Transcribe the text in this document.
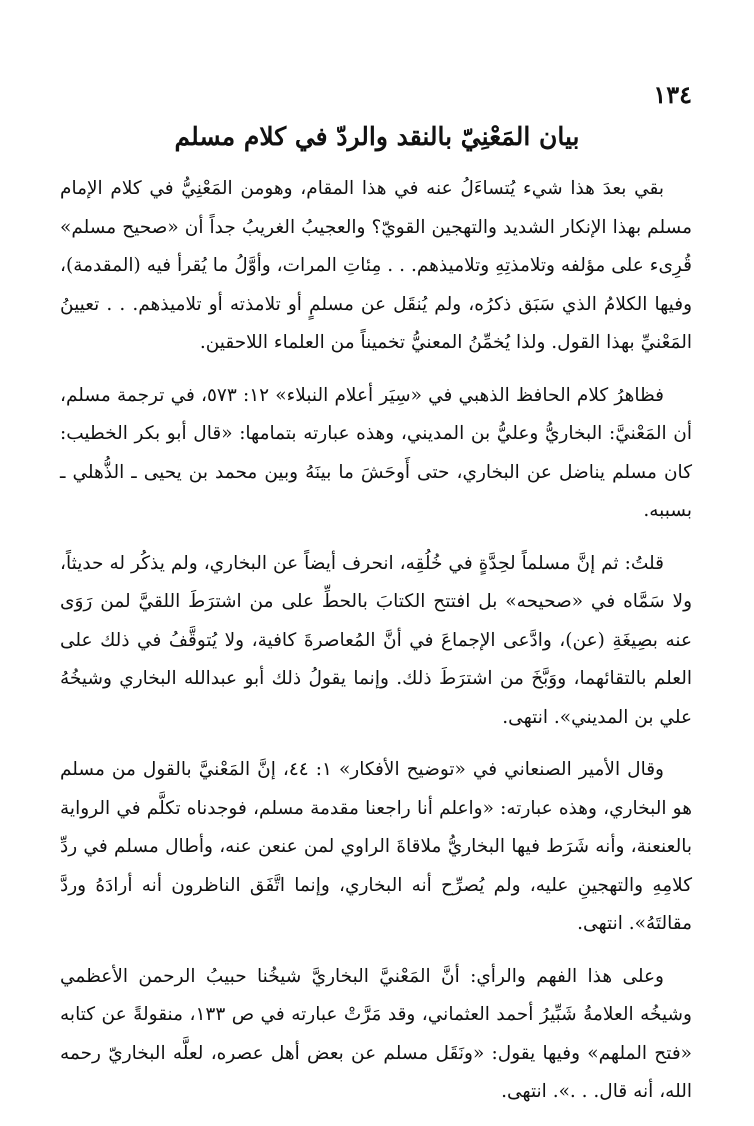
١٣٤
بيان المَعْنِيّ بالنقد والردّ في كلام مسلم

بقي بعدَ هذا شيء يُتساءَلُ عنه في هذا المقام، وهومن المَعْنِيُّ في كلام الإمام مسلم بهذا الإنكار الشديد والتهجين القويّ؟ والعجيبُ الغريبُ جداً أن «صحيح مسلم» قُرِىء على مؤلفه وتلامذتِهِ وتلاميذهم. . . مِئاتِ المرات، وأوَّلُ ما يُقرأ فيه (المقدمة)، وفيها الكلامُ الذي سَبَق ذكرُه، ولم يُنقَل عن مسلمٍ أو تلامذته أو تلاميذهم. . . تعيينُ المَعْنيِّ بهذا القول. ولذا يُخمِّنُ المعنيُّ تخميناً من العلماء اللاحقين.

فظاهرُ كلام الحافظ الذهبي في «سِيَر أعلام النبلاء» ١٢: ٥٧٣، في ترجمة مسلم، أن المَعْنيَّ: البخاريُّ وعليُّ بن المديني، وهذه عبارته بتمامها: «قال أبو بكر الخطيب: كان مسلم يناضل عن البخاري، حتى أَوحَشَ ما بينَهُ وبين محمد بن يحيى ـ الذُّهلي ـ بسببه.

قلتُ: ثم إنَّ مسلماً لحِدَّةٍ في خُلُقِه، انحرف أيضاً عن البخاري، ولم يذكُر له حديثاً، ولا سَمَّاه في «صحيحه» بل افتتح الكتابَ بالحطِّ على من اشترَطَ اللقيَّ لمن رَوَى عنه بصِيغَةِ (عن)، وادَّعى الإجماعَ في أنَّ المُعاصرةَ كافية، ولا يُتوقَّفُ في ذلك على العلم بالتقائهما، ووَبَّخَ من اشترَطَ ذلك. وإنما يقولُ ذلك أبو عبدالله البخاري وشيخُهُ علي بن المديني». انتهى.

وقال الأمير الصنعاني في «توضيح الأفكار» ١: ٤٤، إنَّ المَعْنيَّ بالقول من مسلم هو البخاري، وهذه عبارته: «واعلم أنا راجعنا مقدمة مسلم، فوجدناه تكلَّم في الرواية بالعنعنة، وأنه شَرَط فيها البخاريُّ ملاقاةَ الراوي لمن عنعن عنه، وأطال مسلم في ردِّ كلامِهِ والتهجينِ عليه، ولم يُصرِّح أنه البخاري، وإنما اتَّفَق الناظرون أنه أرادَهُ وردَّ مقالتَهُ». انتهى.

وعلى هذا الفهم والرأي: أنَّ المَعْنيَّ البخاريَّ شيخُنا حبيبُ الرحمن الأعظمي وشيخُه العلامةُ شَبِّيرُ أحمد العثماني، وقد مَرَّتْ عبارته في ص ١٣٣، منقولةً عن كتابه «فتح الملهم» وفيها يقول: «ونَقَل مسلم عن بعض أهل عصره، لعلَّه البخاريّ رحمه الله، أنه قال. . .». انتهى.
